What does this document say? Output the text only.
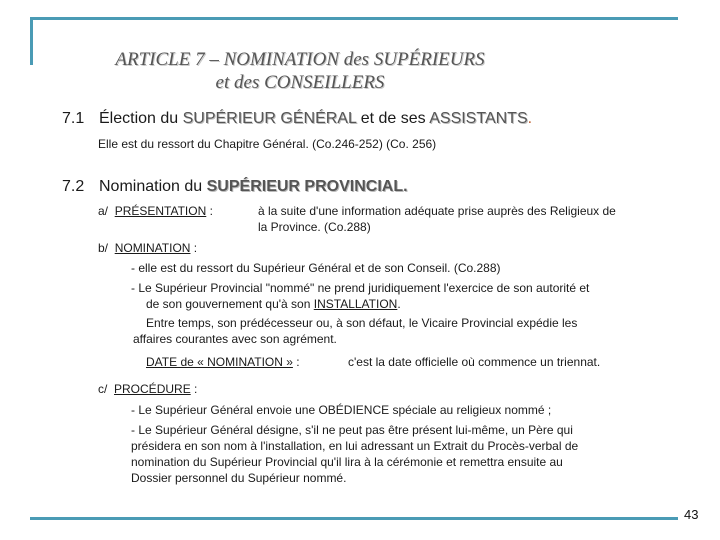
ARTICLE 7 – NOMINATION des SUPÉRIEURS
et des CONSEILLERS
7.1 Élection du SUPÉRIEUR GÉNÉRAL et de ses ASSISTANTS.
Elle est du ressort du Chapitre Général. (Co.246-252) (Co. 256)
7.2 Nomination du SUPÉRIEUR PROVINCIAL.
a/ PRÉSENTATION :	à la suite d'une information adéquate prise auprès des Religieux de
la Province. (Co.288)
b/ NOMINATION :
- elle est du ressort du Supérieur Général et de son Conseil. (Co.288)
- Le Supérieur Provincial "nommé" ne prend juridiquement l'exercice de son autorité et
de son gouvernement qu'à son INSTALLATION.
Entre temps, son prédécesseur ou, à son défaut, le Vicaire Provincial expédie les
affaires courantes avec son agrément.
DATE de « NOMINATION » :	c'est la date officielle où commence un triennat.
c/ PROCÉDURE :
- Le Supérieur Général envoie une OBÉDIENCE spéciale au religieux nommé ;
- Le Supérieur Général désigne, s'il ne peut pas être présent lui-même, un Père qui
présidera en son nom à l'installation, en lui adressant un Extrait du Procès-verbal de
nomination du Supérieur Provincial qu'il lira à la cérémonie et remettra ensuite au
Dossier personnel du Supérieur nommé.
43
